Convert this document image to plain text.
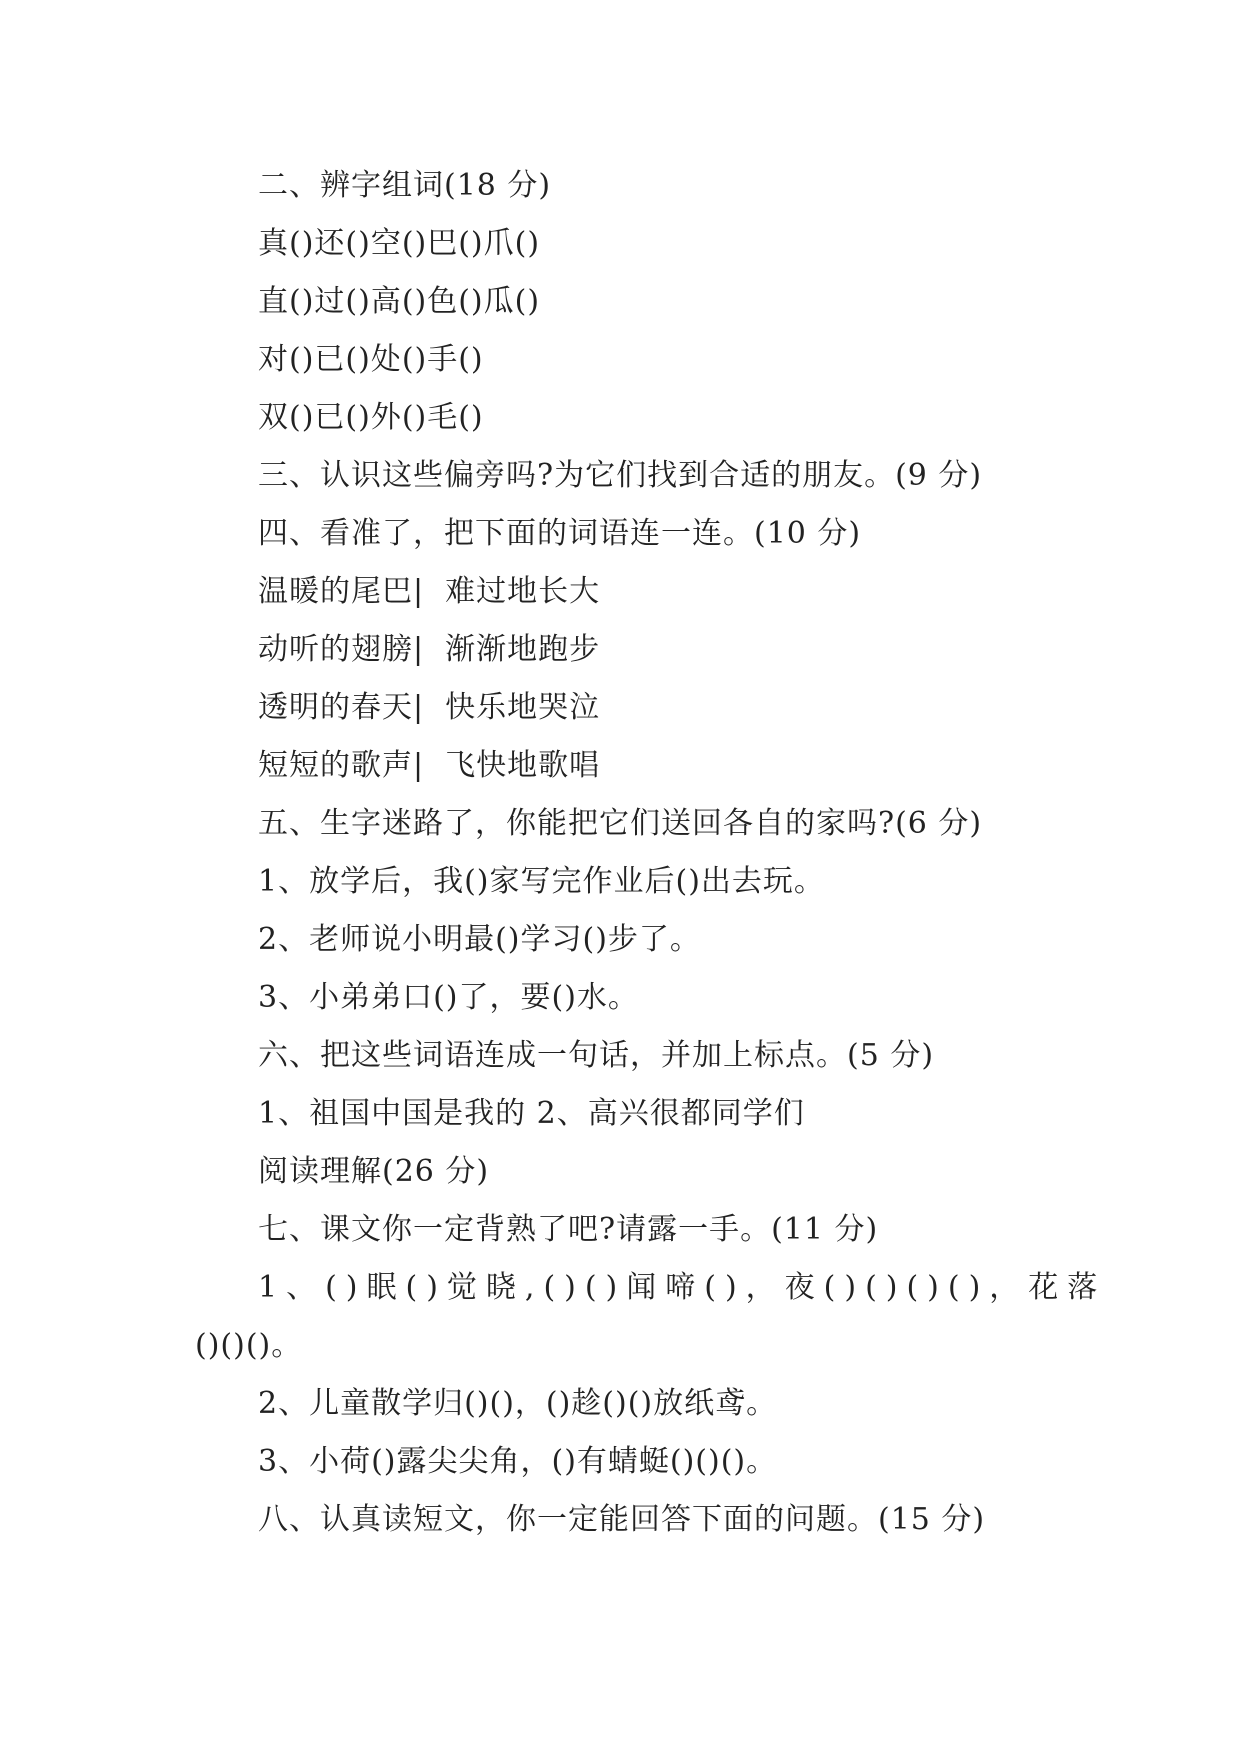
二、辨字组词(18 分)
真()还()空()巴()爪()
直()过()高()色()瓜()
对()已()处()手()
双()已()外()毛()
三、认识这些偏旁吗?为它们找到合适的朋友。(9 分)
四、看准了，把下面的词语连一连。(10 分)
温暖的尾巴|  难过地长大
动听的翅膀|  渐渐地跑步
透明的春天|  快乐地哭泣
短短的歌声|  飞快地歌唱
五、生字迷路了，你能把它们送回各自的家吗?(6 分)
1、放学后，我()家写完作业后()出去玩。
2、老师说小明最()学习()步了。
3、小弟弟口()了，要()水。
六、把这些词语连成一句话，并加上标点。(5 分)
1、祖国中国是我的 2、高兴很都同学们
阅读理解(26 分)
七、课文你一定背熟了吧?请露一手。(11 分)
1、()眠()觉晓,()()闻啼()，夜()()()()，花落
()()()。
2、儿童散学归()()，()趁()()放纸鸢。
3、小荷()露尖尖角，()有蜻蜓()()()。
八、认真读短文，你一定能回答下面的问题。(15 分)
